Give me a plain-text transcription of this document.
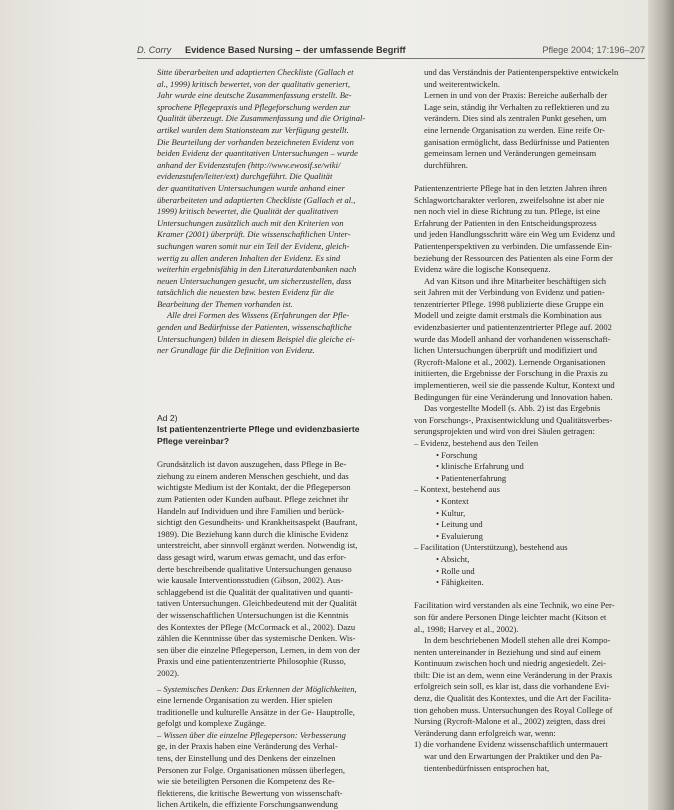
D. Corry Evidence Based Nursing – der umfassende Begriff	Pflege 2004; 17:196–207

Sitte überarbeiten und adaptierten Checkliste (Gallach et

al., 1999) kritisch bewertet, von der qualitativ generiert,

Jahr wurde eine deutsche Zusammenfassung erstellt. Be-

sprochene Pflegepraxis und Pflegeforschung werden zur

Qualität überzeugt. Die Zusammenfassung und die Original-

artikel wurden dem Stationsteam zur Verfügung gestellt.

Die Beurteilung der vorhanden bezeichneten Evidenz von

beiden Evidenz der quantitativen Untersuchungen – wurde

anhand der Evidenzstufen (http://www.ewosif.se/wiki/

evidenzstufen/leiter/ext) durchgeführt. Die Qualität

der quantitativen Untersuchungen wurde anhand einer

überarbeiteten und adaptierten Checkliste (Gallach et al.,

1999) kritisch bewertet, die Qualität der qualitativen

Untersuchungen zusätzlich auch mit den Kriterien von

Kramer (2001) überprüft. Die wissenschaftlichen Unter-

suchungen waren somit nur ein Teil der Evidenz, gleich-

wertig zu allen anderen Inhalten der Evidenz. Es sind

weiterhin ergebnisfähig in den Literaturdatenbanken nach

neuen Untersuchungen gesucht, um sicherzustellen, dass

tatsächlich die neuesten bzw. besten Evidenz für die

Bearbeitung der Themen vorhanden ist.

Alle drei Formen des Wissens (Erfahrungen der Pfle-

genden und Bedürfnisse der Patienten, wissenschaftliche

Untersuchungen) bilden in diesem Beispiel die gleiche ei-

ner Grundlage für die Definition von Evidenz.

Ad 2)

Ist patientenzentrierte Pflege und evidenzbasierte

Pflege vereinbar?

Grundsätzlich ist davon auszugehen, dass Pflege in Be-

ziehung zu einem anderen Menschen geschieht, und das

wichtigste Medium ist der Kontakt, der die Pflegeperson

zum Patienten oder Kunden aufbaut. Pflege zeichnet ihr

Handeln auf Individuen und ihre Familien und berück-

sichtigt den Gesundheits- und Krankheitsaspekt (Baufrant,

1989). Die Beziehung kann durch die klinische Evidenz

unterstreicht, aber sinnvoll ergänzt werden. Notwendig ist,

dass gesagt wird, warum etwas gemacht, und das erfor-

derte beschreibende qualitative Untersuchungen genauso

wie kausale Interventionsstudien (Gibson, 2002). Aus-

schlaggebend ist die Qualität der qualitativen und quanti-

tativen Untersuchungen. Gleichbedeutend mit der Qualität

der wissenschaftlichen Untersuchungen ist die Kenntnis

des Kontextes der Pflege (McCormack et al., 2002). Dazu

zählen die Kenntnisse über das systemische Denken. Wis-

sen über die einzelne Pflegeperson, Lernen, in dem von der

Praxis und eine patientenzentrierte Philosophie (Russo,

2002).

– Systemisches Denken: Das Erkennen der Möglichkeiten,

eine lernende Organisation zu werden. Hier spielen

traditionelle und kulturelle Ansätze in der Ge- Hauptrolle,

gefolgt und komplexe Zugänge.

– Wissen über die einzelne Pflegeperson: Verbesserung

ge, in der Praxis haben eine Veränderung des Verhal-

tens, der Einstellung und des Denkens der einzelnen

Personen zur Folge. Organisationen müssen überlegen,

wie sie beteiligten Personen die Kompetenz des Re-

flektierens, die kritische Bewertung von wissenschaft-

lichen Artikeln, die effiziente Forschungsanwendung

und das Verständnis der Patientenperspektive entwickeln

und weiterentwickeln.

Lernen in und von der Praxis: Bereiche außerhalb der

Lage sein, ständig ihr Verhalten zu reflektieren und zu

verändern. Dies sind als zentralen Punkt gesehen, um

eine lernende Organisation zu werden. Eine reife Or-

ganisation ermöglicht, dass Bedürfnisse und Patienten

gemeinsam lernen und Veränderungen gemeinsam

durchführen.

Patientenzentrierte Pflege hat in den letzten Jahren ihren

Schlagwortcharakter verloren, zweifelsohne ist aber nie

nen noch viel in diese Richtung zu tun. Pflege, ist eine

Erfahrung der Patienten in den Entscheidungsprozess

und jeden Handlungsschritt wäre ein Weg um Evidenz und

Patientenperspektiven zu verbinden. Die umfassende Ein-

beziehung der Ressourcen des Patienten als eine Form der

Evidenz wäre die logische Konsequenz.

Ad van Kitson und ihre Mitarbeiter beschäftigen sich

seit Jahren mit der Verbindung von Evidenz und patien-

tenzentrierter Pflege. 1998 publizierte diese Gruppe ein

Modell und zeigte damit erstmals die Kombination aus

evidenzbasierter und patientenzentrierter Pflege auf. 2002

wurde das Modell anhand der vorhandenen wissenschaft-

lichen Untersuchungen überprüft und modifiziert und

(Rycroft-Malone et al., 2002). Lernende Organisationen

initiierten, die Ergebnisse der Forschung in die Praxis zu

implementieren, weil sie die passende Kultur, Kontext und

Bedingungen für eine Veränderung und Innovation haben.

Das vorgestellte Modell (s. Abb. 2) ist das Ergebnis

von Forschungs-, Praxisentwicklung und Qualitätsverbes-

serungsprojekten und wird von drei Säulen getragen:

– Evidenz, bestehend aus den Teilen

• Forschung

• klinische Erfahrung und

• Patientenerfahrung

– Kontext, bestehend aus

• Kontext

• Kultur,

• Leitung und

• Evaluierung

– Facilitation (Unterstützung), bestehend aus

• Absicht,

• Rolle und

• Fähigkeiten.

Facilitation wird verstanden als eine Technik, wo eine Per-

son für andere Personen Dinge leichter macht (Kitson et

al., 1998; Harvey et al., 2002).

In dem beschriebenen Modell stehen alle drei Kompo-

nenten untereinander in Beziehung und sind auf einem

Kontinuum zwischen hoch und niedrig angesiedelt. Zei-

tbilt: Die ist an dem, wenn eine Veränderung in der Praxis

erfolgreich sein soll, es klar ist, dass die vorhandene Evi-

denz, die Qualität des Kontextes, und die Art der Facilita-

tion gehoben muss. Untersuchungen des Royal College of

Nursing (Rycroft-Malone et al., 2002) zeigten, dass drei

Veränderung dann erfolgreich war, wenn:

1) die vorhandene Evidenz wissenschaftlich untermauert

war und den Erwartungen der Praktiker und den Pa-

tientenbedürfnissen entsprochen hat,
